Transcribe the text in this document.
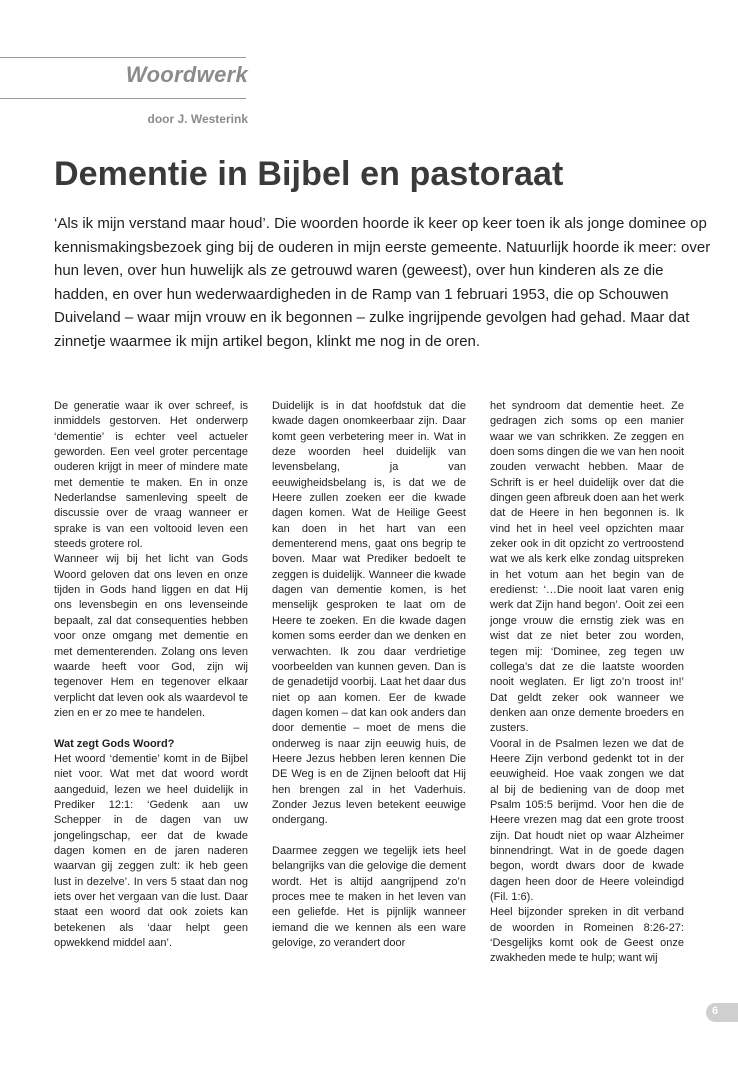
Woordwerk
door J. Westerink
Dementie in Bijbel en pastoraat

‘Als ik mijn verstand maar houd’. Die woorden hoorde ik keer op keer toen ik als jonge dominee op kennismakingsbezoek ging bij de ouderen in mijn eerste gemeente. Natuurlijk hoorde ik meer: over hun leven, over hun huwelijk als ze getrouwd waren (geweest), over hun kinderen als ze die hadden, en over hun wederwaardigheden in de Ramp van 1 februari 1953, die op Schouwen Duiveland – waar mijn vrouw en ik begonnen – zulke ingrijpende gevolgen had gehad. Maar dat zinnetje waarmee ik mijn artikel begon, klinkt me nog in de oren.

De generatie waar ik over schreef, is inmiddels gestorven. Het onderwerp ‘dementie’ is echter veel actueler geworden. Een veel groter percentage ouderen krijgt in meer of mindere mate met dementie te maken. En in onze Nederlandse samenleving speelt de discussie over de vraag wanneer er sprake is van een voltooid leven een steeds grotere rol.

Wanneer wij bij het licht van Gods Woord geloven dat ons leven en onze tijden in Gods hand liggen en dat Hij ons levensbegin en ons levenseinde bepaalt, zal dat consequenties hebben voor onze omgang met dementie en met dementerenden. Zolang ons leven waarde heeft voor God, zijn wij tegenover Hem en tegenover elkaar verplicht dat leven ook als waardevol te zien en er zo mee te handelen.

Wat zegt Gods Woord?

Het woord ‘dementie’ komt in de Bijbel niet voor. Wat met dat woord wordt aangeduid, lezen we heel duidelijk in Prediker 12:1: ‘Gedenk aan uw Schepper in de dagen van uw jongelingschap, eer dat de kwade dagen komen en de jaren naderen waarvan gij zeggen zult: ik heb geen lust in dezelve’. In vers 5 staat dan nog iets over het vergaan van die lust. Daar staat een woord dat ook zoiets kan betekenen als ‘daar helpt geen opwekkend middel aan’.

Duidelijk is in dat hoofdstuk dat die kwade dagen onomkeerbaar zijn. Daar komt geen verbetering meer in. Wat in deze woorden heel duidelijk van levensbelang, ja van eeuwigheidsbelang is, is dat we de Heere zullen zoeken eer die kwade dagen komen. Wat de Heilige Geest kan doen in het hart van een dementerend mens, gaat ons begrip te boven. Maar wat Prediker bedoelt te zeggen is duidelijk. Wanneer die kwade dagen van dementie komen, is het menselijk gesproken te laat om de Heere te zoeken. En die kwade dagen komen soms eerder dan we denken en verwachten. Ik zou daar verdrietige voorbeelden van kunnen geven. Dan is de genadetijd voorbij. Laat het daar dus niet op aan komen. Eer de kwade dagen komen – dat kan ook anders dan door dementie – moet de mens die onderweg is naar zijn eeuwig huis, de Heere Jezus hebben leren kennen Die DE Weg is en de Zijnen belooft dat Hij hen brengen zal in het Vaderhuis. Zonder Jezus leven betekent eeuwige ondergang.

Daarmee zeggen we tegelijk iets heel belangrijks van die gelovige die dement wordt. Het is altijd aangrijpend zo’n proces mee te maken in het leven van een geliefde. Het is pijnlijk wanneer iemand die we kennen als een ware gelovige, zo verandert door

het syndroom dat dementie heet. Ze gedragen zich soms op een manier waar we van schrikken. Ze zeggen en doen soms dingen die we van hen nooit zouden verwacht hebben. Maar de Schrift is er heel duidelijk over dat die dingen geen afbreuk doen aan het werk dat de Heere in hen begonnen is. Ik vind het in heel veel opzichten maar zeker ook in dit opzicht zo vertroostend wat we als kerk elke zondag uitspreken in het votum aan het begin van de eredienst: ‘…Die nooit laat varen enig werk dat Zijn hand begon’. Ooit zei een jonge vrouw die ernstig ziek was en wist dat ze niet beter zou worden, tegen mij: ‘Dominee, zeg tegen uw collega’s dat ze die laatste woorden nooit weglaten. Er ligt zo’n troost in!’ Dat geldt zeker ook wanneer we denken aan onze demente broeders en zusters.

Vooral in de Psalmen lezen we dat de Heere Zijn verbond gedenkt tot in der eeuwigheid. Hoe vaak zongen we dat al bij de bediening van de doop met Psalm 105:5 berijmd. Voor hen die de Heere vrezen mag dat een grote troost zijn. Dat houdt niet op waar Alzheimer binnendringt. Wat in de goede dagen begon, wordt dwars door de kwade dagen heen door de Heere voleindigd (Fil. 1:6).

Heel bijzonder spreken in dit verband de woorden in Romeinen 8:26-27: ‘Desgelijks komt ook de Geest onze zwakheden mede te hulp; want wij

6
